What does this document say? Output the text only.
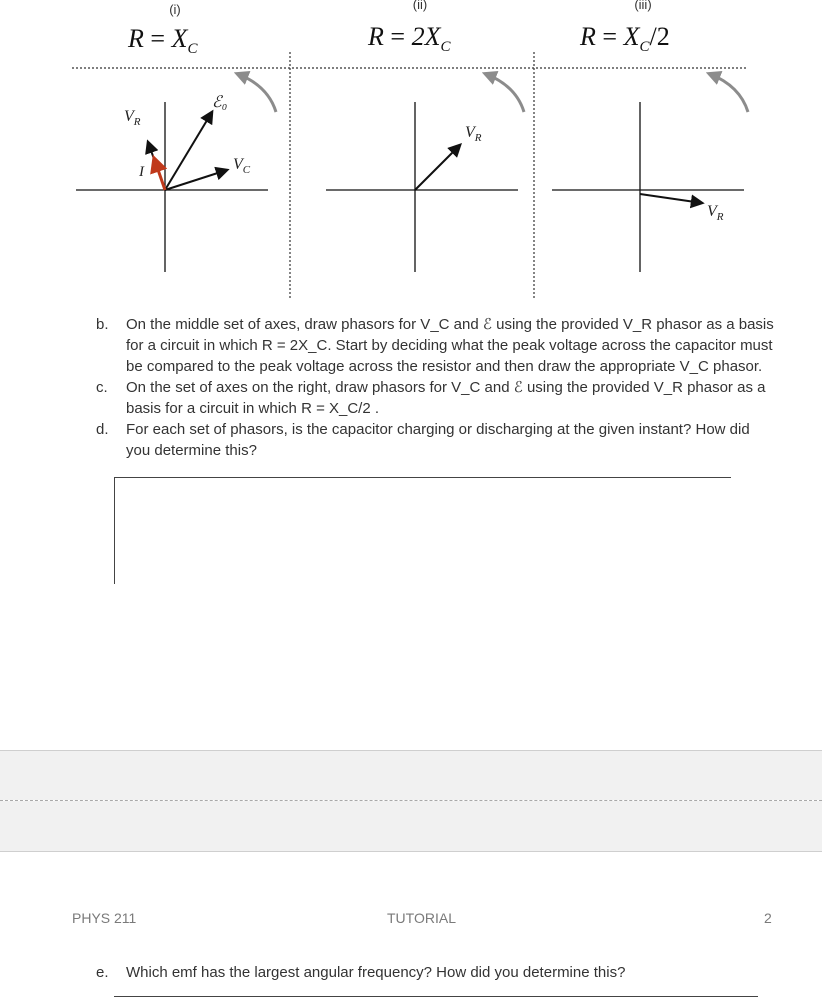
(i)	(ii)	(iii)
$R = X_C$	$R = 2X_C$	$R = X_C/2$
ℰ₀
$V_R$
$V_C$
I
$V_R$
$V_R$
b.	On the middle set of axes, draw phasors for V_C and ℰ using the provided V_R phasor as a basis for a circuit in which R = 2X_C. Start by deciding what the peak voltage across the capacitor must be compared to the peak voltage across the resistor and then draw the appropriate V_C phasor.
c.	On the set of axes on the right, draw phasors for V_C and ℰ using the provided V_R phasor as a basis for a circuit in which R = X_C/2 .
d.	For each set of phasors, is the capacitor charging or discharging at the given instant? How did you determine this?
PHYS 211	TUTORIAL	2
e.	Which emf has the largest angular frequency? How did you determine this?
